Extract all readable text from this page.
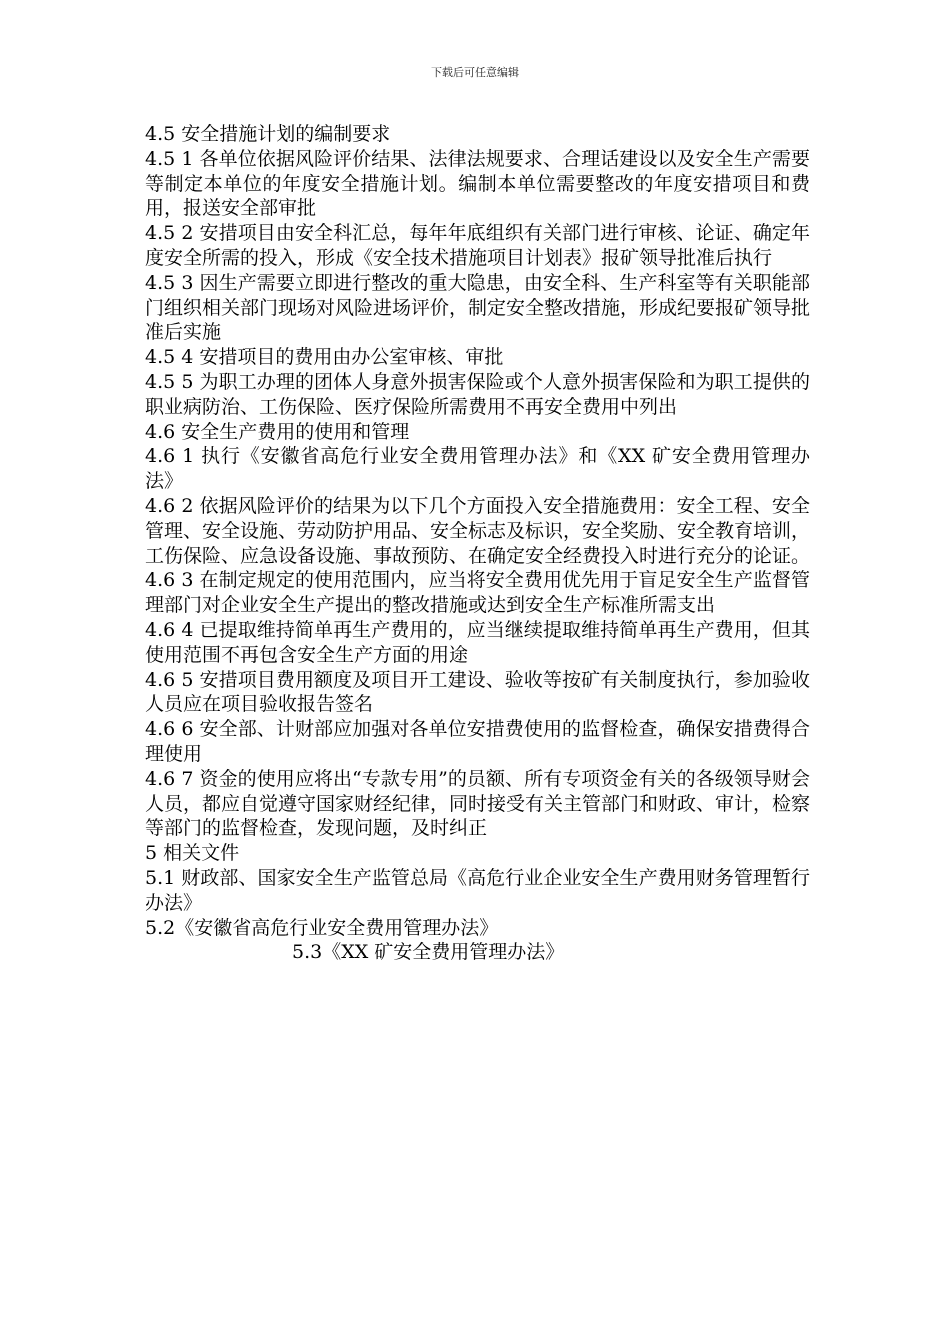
下载后可任意编辑

4.5 安全措施计划的编制要求

4.5 1 各单位依据风险评价结果、法律法规要求、合理话建设以及安全生产需要等制定本单位的年度安全措施计划。编制本单位需要整改的年度安措项目和费用，报送安全部审批

4.5 2 安措项目由安全科汇总，每年年底组织有关部门进行审核、论证、确定年度安全所需的投入，形成《安全技术措施项目计划表》报矿领导批准后执行

4.5 3 因生产需要立即进行整改的重大隐患，由安全科、生产科室等有关职能部门组织相关部门现场对风险进场评价，制定安全整改措施，形成纪要报矿领导批准后实施

4.5 4 安措项目的费用由办公室审核、审批

4.5 5 为职工办理的团体人身意外损害保险或个人意外损害保险和为职工提供的职业病防治、工伤保险、医疗保险所需费用不再安全费用中列出

4.6 安全生产费用的使用和管理

4.6 1 执行《安徽省高危行业安全费用管理办法》和《XX 矿安全费用管理办法》

4.6 2 依据风险评价的结果为以下几个方面投入安全措施费用：安全工程、安全管理、安全设施、劳动防护用品、安全标志及标识，安全奖励、安全教育培训，工伤保险、应急设备设施、事故预防、在确定安全经费投入时进行充分的论证。

4.6 3 在制定规定的使用范围内，应当将安全费用优先用于盲足安全生产监督管理部门对企业安全生产提出的整改措施或达到安全生产标准所需支出

4.6 4 已提取维持简单再生产费用的，应当继续提取维持简单再生产费用，但其使用范围不再包含安全生产方面的用途

4.6 5 安措项目费用额度及项目开工建设、验收等按矿有关制度执行，参加验收人员应在项目验收报告签名

4.6 6 安全部、计财部应加强对各单位安措费使用的监督检查，确保安措费得合理使用

4.6 7 资金的使用应将出“专款专用”的员额、所有专项资金有关的各级领导财会人员，都应自觉遵守国家财经纪律，同时接受有关主管部门和财政、审计，检察等部门的监督检查，发现问题，及时纠正

5 相关文件

5.1 财政部、国家安全生产监管总局《高危行业企业安全生产费用财务管理暂行办法》

5.2《安徽省高危行业安全费用管理办法》

5.3《XX 矿安全费用管理办法》
